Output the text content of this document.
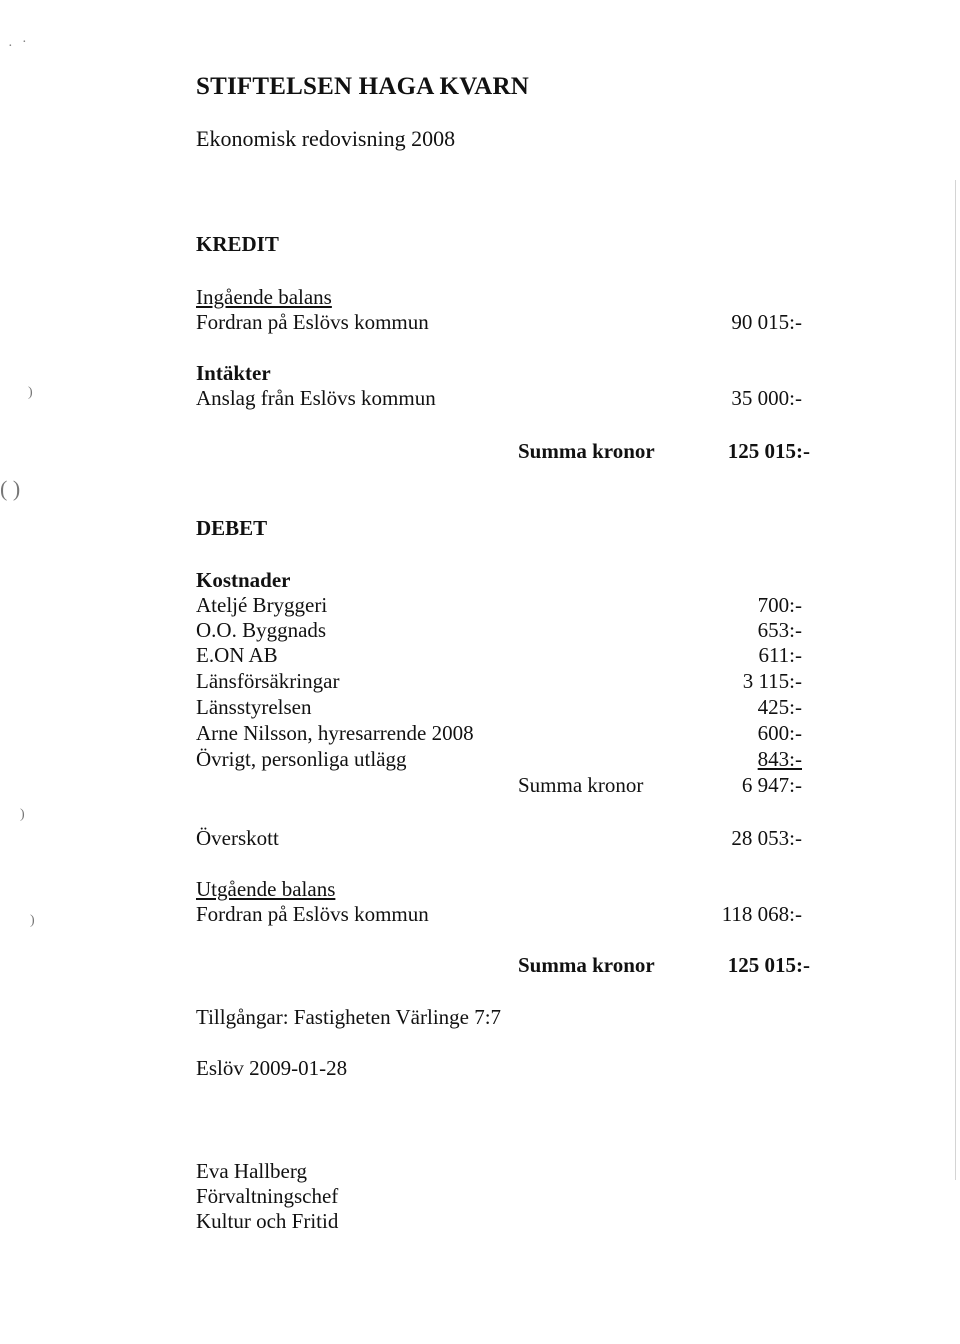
· ·
)
( )
)
)
STIFTELSEN HAGA KVARN
Ekonomisk redovisning 2008
KREDIT
Ingående balans
Fordran på Eslövs kommun	90 015:-
Intäkter
Anslag från Eslövs kommun	35 000:-
Summa kronor	125 015:-
DEBET
Kostnader
Ateljé Bryggeri	700:-
O.O. Byggnads	653:-
E.ON AB	611:-
Länsförsäkringar	3 115:-
Länsstyrelsen	425:-
Arne Nilsson, hyresarrende 2008	600:-
Övrigt, personliga utlägg	843:-
Summa kronor	6 947:-
Överskott	28 053:-
Utgående balans
Fordran på Eslövs kommun	118 068:-
Summa kronor	125 015:-
Tillgångar: Fastigheten Värlinge 7:7
Eslöv 2009-01-28
Eva Hallberg
Förvaltningschef
Kultur och Fritid
